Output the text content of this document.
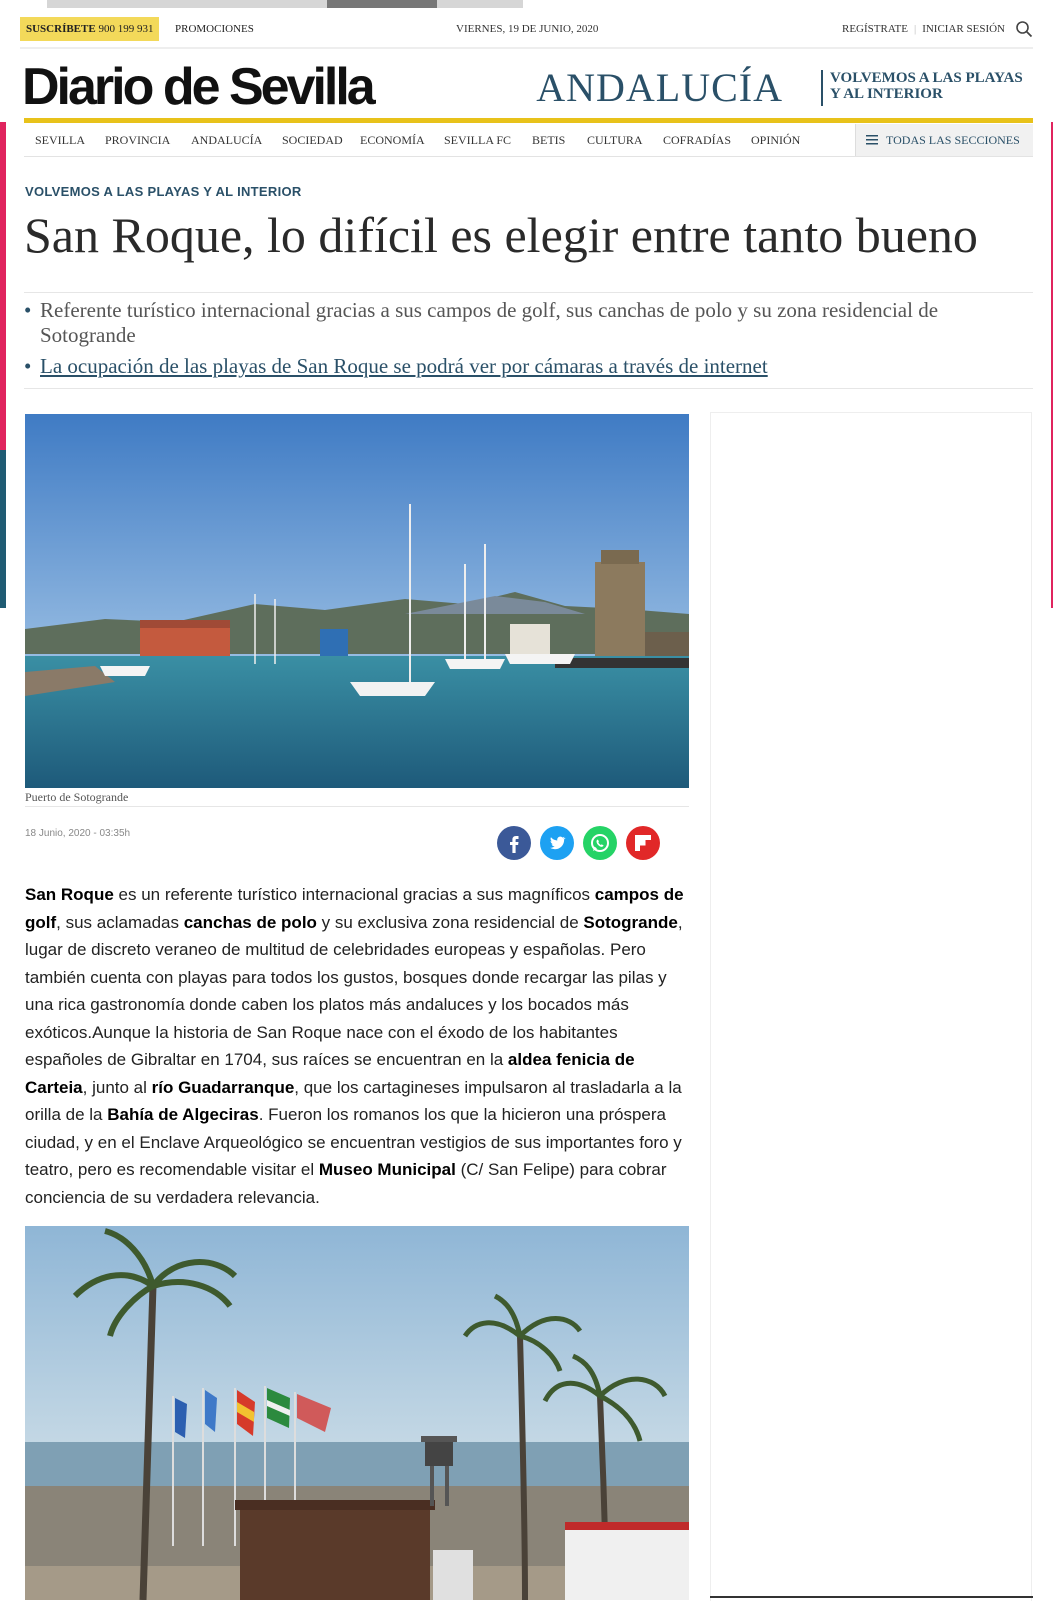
SUSCRÍBETE 900 199 931	PROMOCIONES	VIERNES, 19 DE JUNIO, 2020	REGÍSTRATE | INICIAR SESIÓN
Diario de Sevilla	ANDALUCÍA	VOLVEMOS A LAS PLAYAS
Y AL INTERIOR
SEVILLA PROVINCIA ANDALUCÍA SOCIEDAD ECONOMÍA SEVILLA FC BETIS CULTURA COFRADÍAS OPINIÓN	TODAS LAS SECCIONES
VOLVEMOS A LAS PLAYAS Y AL INTERIOR
San Roque, lo difícil es elegir entre tanto bueno
• Referente turístico internacional gracias a sus campos de golf, sus canchas de polo y su zona residencial de Sotogrande
• La ocupación de las playas de San Roque se podrá ver por cámaras a través de internet
Puerto de Sotogrande
18 Junio, 2020 - 03:35h

San Roque es un referente turístico internacional gracias a sus magníficos campos de golf, sus aclamadas canchas de polo y su exclusiva zona residencial de Sotogrande, lugar de discreto veraneo de multitud de celebridades europeas y españolas. Pero también cuenta con playas para todos los gustos, bosques donde recargar las pilas y una rica gastronomía donde caben los platos más andaluces y los bocados más exóticos.Aunque la historia de San Roque nace con el éxodo de los habitantes españoles de Gibraltar en 1704, sus raíces se encuentran en la aldea fenicia de Carteia, junto al río Guadarranque, que los cartagineses impulsaron al trasladarla a la orilla de la Bahía de Algeciras. Fueron los romanos los que la hicieron una próspera ciudad, y en el Enclave Arqueológico se encuentran vestigios de sus importantes foro y teatro, pero es recomendable visitar el Museo Municipal (C/ San Felipe) para cobrar conciencia de su verdadera relevancia.
